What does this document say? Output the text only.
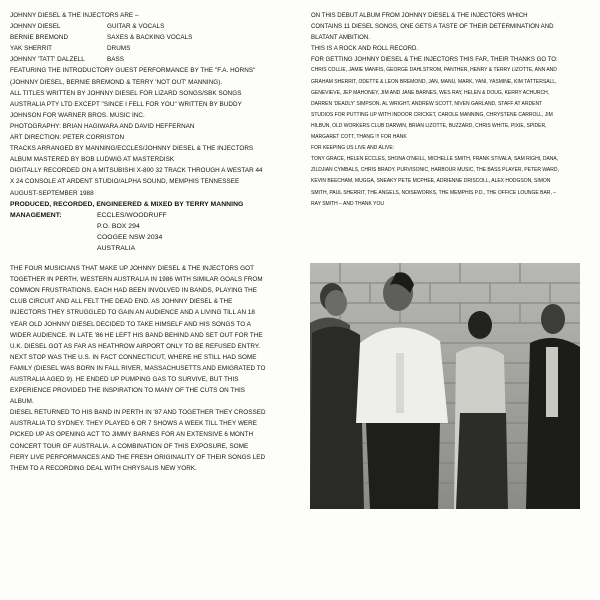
JOHNNY DIESEL & THE INJECTORS ARE –
JOHNNY DIESEL	GUITAR & VOCALS
BERNIE BREMOND	SAXES & BACKING VOCALS
YAK SHERRIT	DRUMS
JOHNNY 'TATT' DALZELL	BASS
FEATURING THE INTRODUCTORY GUEST PERFORMANCE BY THE "F.A. HORNS"
(JOHNNY DIESEL, BERNIE BREMOND & TERRY 'NOT OUT' MANNING).
ALL TITLES WRITTEN BY JOHNNY DIESEL FOR LIZARD SONGS/SBK SONGS
AUSTRALIA PTY LTD EXCEPT "SINCE I FELL FOR YOU" WRITTEN BY BUDDY
JOHNSON FOR WARNER BROS. MUSIC INC.
PHOTOGRAPHY: BRIAN HAGIWARA AND DAVID HEFFERNAN
ART DIRECTION: PETER CORRISTON
TRACKS ARRANGED BY MANNING/ECCLES/JOHNNY DIESEL & THE INJECTORS
ALBUM MASTERED BY BOB LUDWIG AT MASTERDISK
DIGITALLY RECORDED ON A MITSUBISHI X-800 32 TRACK THROUGH A WESTAR 44
X 24 CONSOLE AT ARDENT STUDIO/ALPHA SOUND, MEMPHIS TENNESSEE
AUGUST-SEPTEMBER 1988
PRODUCED, RECORDED, ENGINEERED & MIXED BY TERRY MANNING
MANAGEMENT:	ECCLES/WOODRUFF
P.O. BOX 294
COOGEE NSW 2034
AUSTRALIA
THE FOUR MUSICIANS THAT MAKE UP JOHNNY DIESEL & THE INJECTORS GOT
TOGETHER IN PERTH, WESTERN AUSTRALIA IN 1986 WITH SIMILAR GOALS FROM
COMMON FRUSTRATIONS. EACH HAD BEEN INVOLVED IN BANDS, PLAYING THE
CLUB CIRCUIT AND ALL FELT THE DEAD END. AS JOHNNY DIESEL & THE
INJECTORS THEY STRUGGLED TO GAIN AN AUDIENCE AND A LIVING TILL AN 18
YEAR OLD JOHNNY DIESEL DECIDED TO TAKE HIMSELF AND HIS SONGS TO A
WIDER AUDIENCE. IN LATE '86 HE LEFT HIS BAND BEHIND AND SET OUT FOR THE
U.K. DIESEL GOT AS FAR AS HEATHROW AIRPORT ONLY TO BE REFUSED ENTRY.
NEXT STOP WAS THE U.S. IN FACT CONNECTICUT, WHERE HE STILL HAD SOME
FAMILY (DIESEL WAS BORN IN FALL RIVER, MASSACHUSETTS AND EMIGRATED TO
AUSTRALIA AGED 9). HE ENDED UP PUMPING GAS TO SURVIVE, BUT THIS
EXPERIENCE PROVIDED THE INSPIRATION TO MANY OF THE CUTS ON THIS
ALBUM.
DIESEL RETURNED TO HIS BAND IN PERTH IN '87 AND TOGETHER THEY CROSSED
AUSTRALIA TO SYDNEY. THEY PLAYED 6 OR 7 SHOWS A WEEK TILL THEY WERE
PICKED UP AS OPENING ACT TO JIMMY BARNES FOR AN EXTENSIVE 6 MONTH
CONCERT TOUR OF AUSTRALIA. A COMBINATION OF THIS EXPOSURE, SOME
FIERY LIVE PERFORMANCES AND THE FRESH ORIGINALITY OF THEIR SONGS LED
THEM TO A RECORDING DEAL WITH CHRYSALIS NEW YORK.
ON THIS DEBUT ALBUM FROM JOHNNY DIESEL & THE INJECTORS WHICH
CONTAINS 11 DIESEL SONGS, ONE GETS A TASTE OF THEIR DETERMINATION AND
BLATANT AMBITION.
THIS IS A ROCK AND ROLL RECORD.
FOR GETTING JOHNNY DIESEL & THE INJECTORS THIS FAR, THEIR THANKS GO TO:
CHRIS COLLIE, JAMIE MANFIS, GEORGE DAHLSTROM, PANTHER, HENRY & TERRY LIZOTTE, ANN AND
GRAHAM SHERRIT, ODETTE & LEON BREMOND, JAN, MANU, MARK, YANI, YASMINE, KIM TATTERSALL,
GENEVIEVE, JEP MAHONEY, JIM AND JANE BARNES, WES RAY, HELEN & DOUG, KERRY ACHURCH,
DARREN 'DEADLY' SIMPSON, AL WRIGHT, ANDREW SCOTT, NIVEN GARLAND, STAFF AT ARDENT
STUDIOS FOR PUTTING UP WITH INDOOR CRICKET, CAROLE MANNING, CHRYSTENE CARROLL, JIM
HILBUN, OLD WORKERS CLUB DARWIN, BRIAN LIZOTTE, BUZZARD, CHRIS WHITE, PIXIE, SPIDER,
MARGARET COTT, THANG !!! FOR HANK
FOR KEEPING US LIVE AND ALIVE:
TONY GRACE, HELEN ECCLES, SHONA O'NEILL, MICHELLE SMITH, FRANK STIVALA, SAM RIGHI, DANA,
ZILDJIAN CYMBALS, CHRIS BRADY, PURVISONIC, HARBOUR MUSIC, THE BASS PLAYER, PETER WARD,
KEVIN BEECHAM, MUGGA, SNEAKY PETE MCPHEE, ADRIENNE DRISCOLL, ALEX HODGSON, SIMON
SMITH, PAUL SHERRIT, THE ANGELS, NOISEWORKS, THE MEMPHIS P.D., THE OFFICE LOUNGE BAR, –
RAY SMITH – AND THANK YOU
